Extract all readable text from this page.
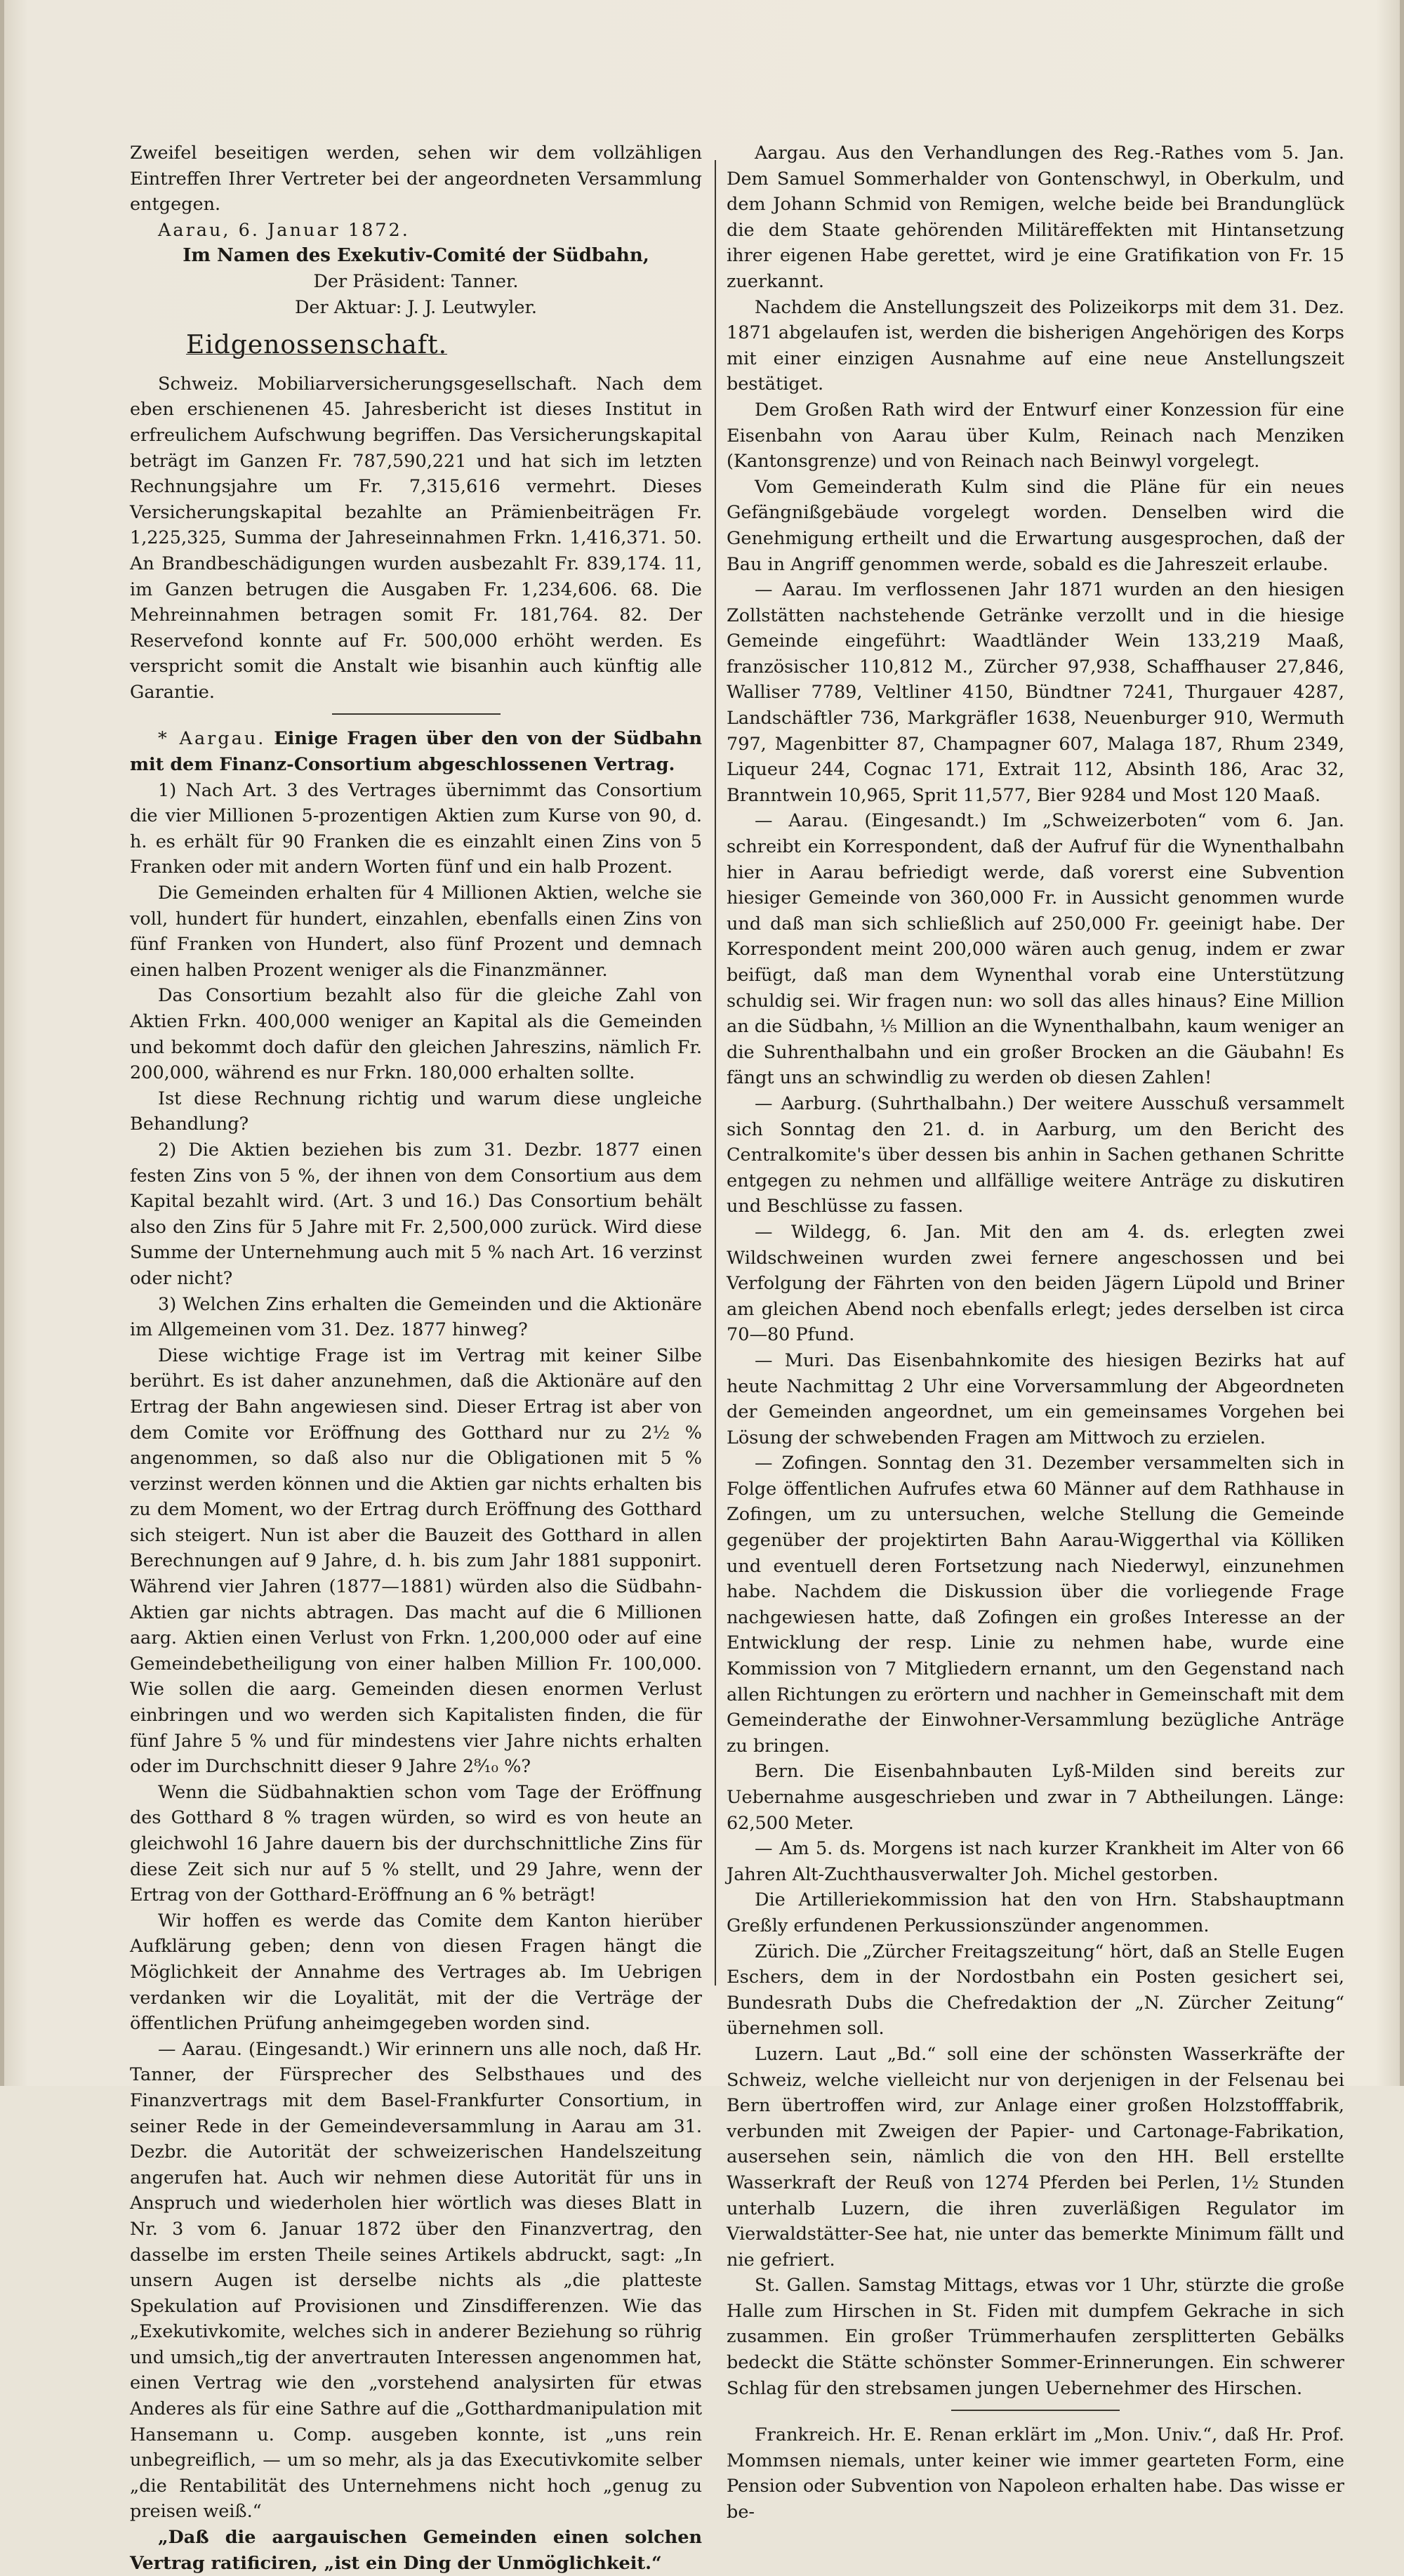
Zweifel beseitigen werden, sehen wir dem vollzähligen Eintreffen Ihrer Vertreter bei der angeordneten Versammlung entgegen.

Aarau, 6. Januar 1872.

Im Namen des Exekutiv-Comité der Südbahn,

Der Präsident: Tanner.

Der Aktuar: J. J. Leutwyler.

Eidgenossenschaft.

Schweiz. Mobiliarversicherungsgesellschaft. Nach dem eben erschienenen 45. Jahresbericht ist dieses Institut in erfreulichem Aufschwung begriffen. Das Versicherungskapital beträgt im Ganzen Fr. 787,590,221 und hat sich im letzten Rechnungsjahre um Fr. 7,315,616 vermehrt. Dieses Versicherungskapital bezahlte an Prämienbeiträgen Fr. 1,225,325, Summa der Jahreseinnahmen Frkn. 1,416,371. 50. An Brandbeschädigungen wurden ausbezahlt Fr. 839,174. 11, im Ganzen betrugen die Ausgaben Fr. 1,234,606. 68. Die Mehreinnahmen betragen somit Fr. 181,764. 82. Der Reservefond konnte auf Fr. 500,000 erhöht werden. Es verspricht somit die Anstalt wie bisanhin auch künftig alle Garantie.

* Aargau. Einige Fragen über den von der Südbahn mit dem Finanz-Consortium abgeschlossenen Vertrag.

1) Nach Art. 3 des Vertrages übernimmt das Consortium die vier Millionen 5-prozentigen Aktien zum Kurse von 90, d. h. es erhält für 90 Franken die es einzahlt einen Zins von 5 Franken oder mit andern Worten fünf und ein halb Prozent.

Die Gemeinden erhalten für 4 Millionen Aktien, welche sie voll, hundert für hundert, einzahlen, ebenfalls einen Zins von fünf Franken von Hundert, also fünf Prozent und demnach einen halben Prozent weniger als die Finanzmänner.

Das Consortium bezahlt also für die gleiche Zahl von Aktien Frkn. 400,000 weniger an Kapital als die Gemeinden und bekommt doch dafür den gleichen Jahreszins, nämlich Fr. 200,000, während es nur Frkn. 180,000 erhalten sollte.

Ist diese Rechnung richtig und warum diese ungleiche Behandlung?

2) Die Aktien beziehen bis zum 31. Dezbr. 1877 einen festen Zins von 5 %, der ihnen von dem Consortium aus dem Kapital bezahlt wird. (Art. 3 und 16.) Das Consortium behält also den Zins für 5 Jahre mit Fr. 2,500,000 zurück. Wird diese Summe der Unternehmung auch mit 5 % nach Art. 16 verzinst oder nicht?

3) Welchen Zins erhalten die Gemeinden und die Aktionäre im Allgemeinen vom 31. Dez. 1877 hinweg?

Diese wichtige Frage ist im Vertrag mit keiner Silbe berührt. Es ist daher anzunehmen, daß die Aktionäre auf den Ertrag der Bahn angewiesen sind. Dieser Ertrag ist aber von dem Comite vor Eröffnung des Gotthard nur zu 2½ % angenommen, so daß also nur die Obligationen mit 5 % verzinst werden können und die Aktien gar nichts erhalten bis zu dem Moment, wo der Ertrag durch Eröffnung des Gotthard sich steigert. Nun ist aber die Bauzeit des Gotthard in allen Berechnungen auf 9 Jahre, d. h. bis zum Jahr 1881 supponirt. Während vier Jahren (1877—1881) würden also die Südbahn-Aktien gar nichts abtragen. Das macht auf die 6 Millionen aarg. Aktien einen Verlust von Frkn. 1,200,000 oder auf eine Gemeindebetheiligung von einer halben Million Fr. 100,000. Wie sollen die aarg. Gemeinden diesen enormen Verlust einbringen und wo werden sich Kapitalisten finden, die für fünf Jahre 5 % und für mindestens vier Jahre nichts erhalten oder im Durchschnitt dieser 9 Jahre 2⁸⁄₁₀ %?

Wenn die Südbahnaktien schon vom Tage der Eröffnung des Gotthard 8 % tragen würden, so wird es von heute an gleichwohl 16 Jahre dauern bis der durchschnittliche Zins für diese Zeit sich nur auf 5 % stellt, und 29 Jahre, wenn der Ertrag von der Gotthard-Eröffnung an 6 % beträgt!

Wir hoffen es werde das Comite dem Kanton hierüber Aufklärung geben; denn von diesen Fragen hängt die Möglichkeit der Annahme des Vertrages ab. Im Uebrigen verdanken wir die Loyalität, mit der die Verträge der öffentlichen Prüfung anheimgegeben worden sind.

— Aarau. (Eingesandt.) Wir erinnern uns alle noch, daß Hr. Tanner, der Fürsprecher des Selbsthaues und des Finanzvertrags mit dem Basel-Frankfurter Consortium, in seiner Rede in der Gemeindeversammlung in Aarau am 31. Dezbr. die Autorität der schweizerischen Handelszeitung angerufen hat. Auch wir nehmen diese Autorität für uns in Anspruch und wiederholen hier wörtlich was dieses Blatt in Nr. 3 vom 6. Januar 1872 über den Finanzvertrag, den dasselbe im ersten Theile seines Artikels abdruckt, sagt: „In unsern Augen ist derselbe nichts als „die platteste Spekulation auf Provisionen und Zinsdifferenzen. Wie das „Exekutivkomite, welches sich in anderer Beziehung so rührig und umsich„tig der anvertrauten Interessen angenommen hat, einen Vertrag wie den „vorstehend analysirten für etwas Anderes als für eine Sathre auf die „Gotthardmanipulation mit Hansemann u. Comp. ausgeben konnte, ist „uns rein unbegreiflich, — um so mehr, als ja das Executivkomite selber „die Rentabilität des Unternehmens nicht hoch „genug zu preisen weiß.“

„Daß die aargauischen Gemeinden einen solchen Vertrag ratificiren, „ist ein Ding der Unmöglichkeit.“

Aargau. Aus den Verhandlungen des Reg.-Rathes vom 5. Jan. Dem Samuel Sommerhalder von Gontenschwyl, in Oberkulm, und dem Johann Schmid von Remigen, welche beide bei Brandunglück die dem Staate gehörenden Militäreffekten mit Hintansetzung ihrer eigenen Habe gerettet, wird je eine Gratifikation von Fr. 15 zuerkannt.

Nachdem die Anstellungszeit des Polizeikorps mit dem 31. Dez. 1871 abgelaufen ist, werden die bisherigen Angehörigen des Korps mit einer einzigen Ausnahme auf eine neue Anstellungszeit bestätiget.

Dem Großen Rath wird der Entwurf einer Konzession für eine Eisenbahn von Aarau über Kulm, Reinach nach Menziken (Kantonsgrenze) und von Reinach nach Beinwyl vorgelegt.

Vom Gemeinderath Kulm sind die Pläne für ein neues Gefängnißgebäude vorgelegt worden. Denselben wird die Genehmigung ertheilt und die Erwartung ausgesprochen, daß der Bau in Angriff genommen werde, sobald es die Jahreszeit erlaube.

— Aarau. Im verflossenen Jahr 1871 wurden an den hiesigen Zollstätten nachstehende Getränke verzollt und in die hiesige Gemeinde eingeführt: Waadtländer Wein 133,219 Maaß, französischer 110,812 M., Zürcher 97,938, Schaffhauser 27,846, Walliser 7789, Veltliner 4150, Bündtner 7241, Thurgauer 4287, Landschäftler 736, Markgräfler 1638, Neuenburger 910, Wermuth 797, Magenbitter 87, Champagner 607, Malaga 187, Rhum 2349, Liqueur 244, Cognac 171, Extrait 112, Absinth 186, Arac 32, Branntwein 10,965, Sprit 11,577, Bier 9284 und Most 120 Maaß.

— Aarau. (Eingesandt.) Im „Schweizerboten“ vom 6. Jan. schreibt ein Korrespondent, daß der Aufruf für die Wynenthalbahn hier in Aarau befriedigt werde, daß vorerst eine Subvention hiesiger Gemeinde von 360,000 Fr. in Aussicht genommen wurde und daß man sich schließlich auf 250,000 Fr. geeinigt habe. Der Korrespondent meint 200,000 wären auch genug, indem er zwar beifügt, daß man dem Wynenthal vorab eine Unterstützung schuldig sei. Wir fragen nun: wo soll das alles hinaus? Eine Million an die Südbahn, ⅕ Million an die Wynenthalbahn, kaum weniger an die Suhrenthalbahn und ein großer Brocken an die Gäubahn! Es fängt uns an schwindlig zu werden ob diesen Zahlen!

— Aarburg. (Suhrthalbahn.) Der weitere Ausschuß versammelt sich Sonntag den 21. d. in Aarburg, um den Bericht des Centralkomite's über dessen bis anhin in Sachen gethanen Schritte entgegen zu nehmen und allfällige weitere Anträge zu diskutiren und Beschlüsse zu fassen.

— Wildegg, 6. Jan. Mit den am 4. ds. erlegten zwei Wildschweinen wurden zwei fernere angeschossen und bei Verfolgung der Fährten von den beiden Jägern Lüpold und Briner am gleichen Abend noch ebenfalls erlegt; jedes derselben ist circa 70—80 Pfund.

— Muri. Das Eisenbahnkomite des hiesigen Bezirks hat auf heute Nachmittag 2 Uhr eine Vorversammlung der Abgeordneten der Gemeinden angeordnet, um ein gemeinsames Vorgehen bei Lösung der schwebenden Fragen am Mittwoch zu erzielen.

— Zofingen. Sonntag den 31. Dezember versammelten sich in Folge öffentlichen Aufrufes etwa 60 Männer auf dem Rathhause in Zofingen, um zu untersuchen, welche Stellung die Gemeinde gegenüber der projektirten Bahn Aarau-Wiggerthal via Kölliken und eventuell deren Fortsetzung nach Niederwyl, einzunehmen habe. Nachdem die Diskussion über die vorliegende Frage nachgewiesen hatte, daß Zofingen ein großes Interesse an der Entwicklung der resp. Linie zu nehmen habe, wurde eine Kommission von 7 Mitgliedern ernannt, um den Gegenstand nach allen Richtungen zu erörtern und nachher in Gemeinschaft mit dem Gemeinderathe der Einwohner-Versammlung bezügliche Anträge zu bringen.

Bern. Die Eisenbahnbauten Lyß-Milden sind bereits zur Uebernahme ausgeschrieben und zwar in 7 Abtheilungen. Länge: 62,500 Meter.

— Am 5. ds. Morgens ist nach kurzer Krankheit im Alter von 66 Jahren Alt-Zuchthausverwalter Joh. Michel gestorben.

Die Artilleriekommission hat den von Hrn. Stabshauptmann Greßly erfundenen Perkussionszünder angenommen.

Zürich. Die „Zürcher Freitagszeitung“ hört, daß an Stelle Eugen Eschers, dem in der Nordostbahn ein Posten gesichert sei, Bundesrath Dubs die Chefredaktion der „N. Zürcher Zeitung“ übernehmen soll.

Luzern. Laut „Bd.“ soll eine der schönsten Wasserkräfte der Schweiz, welche vielleicht nur von derjenigen in der Felsenau bei Bern übertroffen wird, zur Anlage einer großen Holzstofffabrik, verbunden mit Zweigen der Papier- und Cartonage-Fabrikation, ausersehen sein, nämlich die von den HH. Bell erstellte Wasserkraft der Reuß von 1274 Pferden bei Perlen, 1½ Stunden unterhalb Luzern, die ihren zuverläßigen Regulator im Vierwaldstätter-See hat, nie unter das bemerkte Minimum fällt und nie gefriert.

St. Gallen. Samstag Mittags, etwas vor 1 Uhr, stürzte die große Halle zum Hirschen in St. Fiden mit dumpfem Gekrache in sich zusammen. Ein großer Trümmerhaufen zersplitterten Gebälks bedeckt die Stätte schönster Sommer-Erinnerungen. Ein schwerer Schlag für den strebsamen jungen Uebernehmer des Hirschen.

Frankreich. Hr. E. Renan erklärt im „Mon. Univ.“, daß Hr. Prof. Mommsen niemals, unter keiner wie immer gearteten Form, eine Pension oder Subvention von Napoleon erhalten habe. Das wisse er be-
